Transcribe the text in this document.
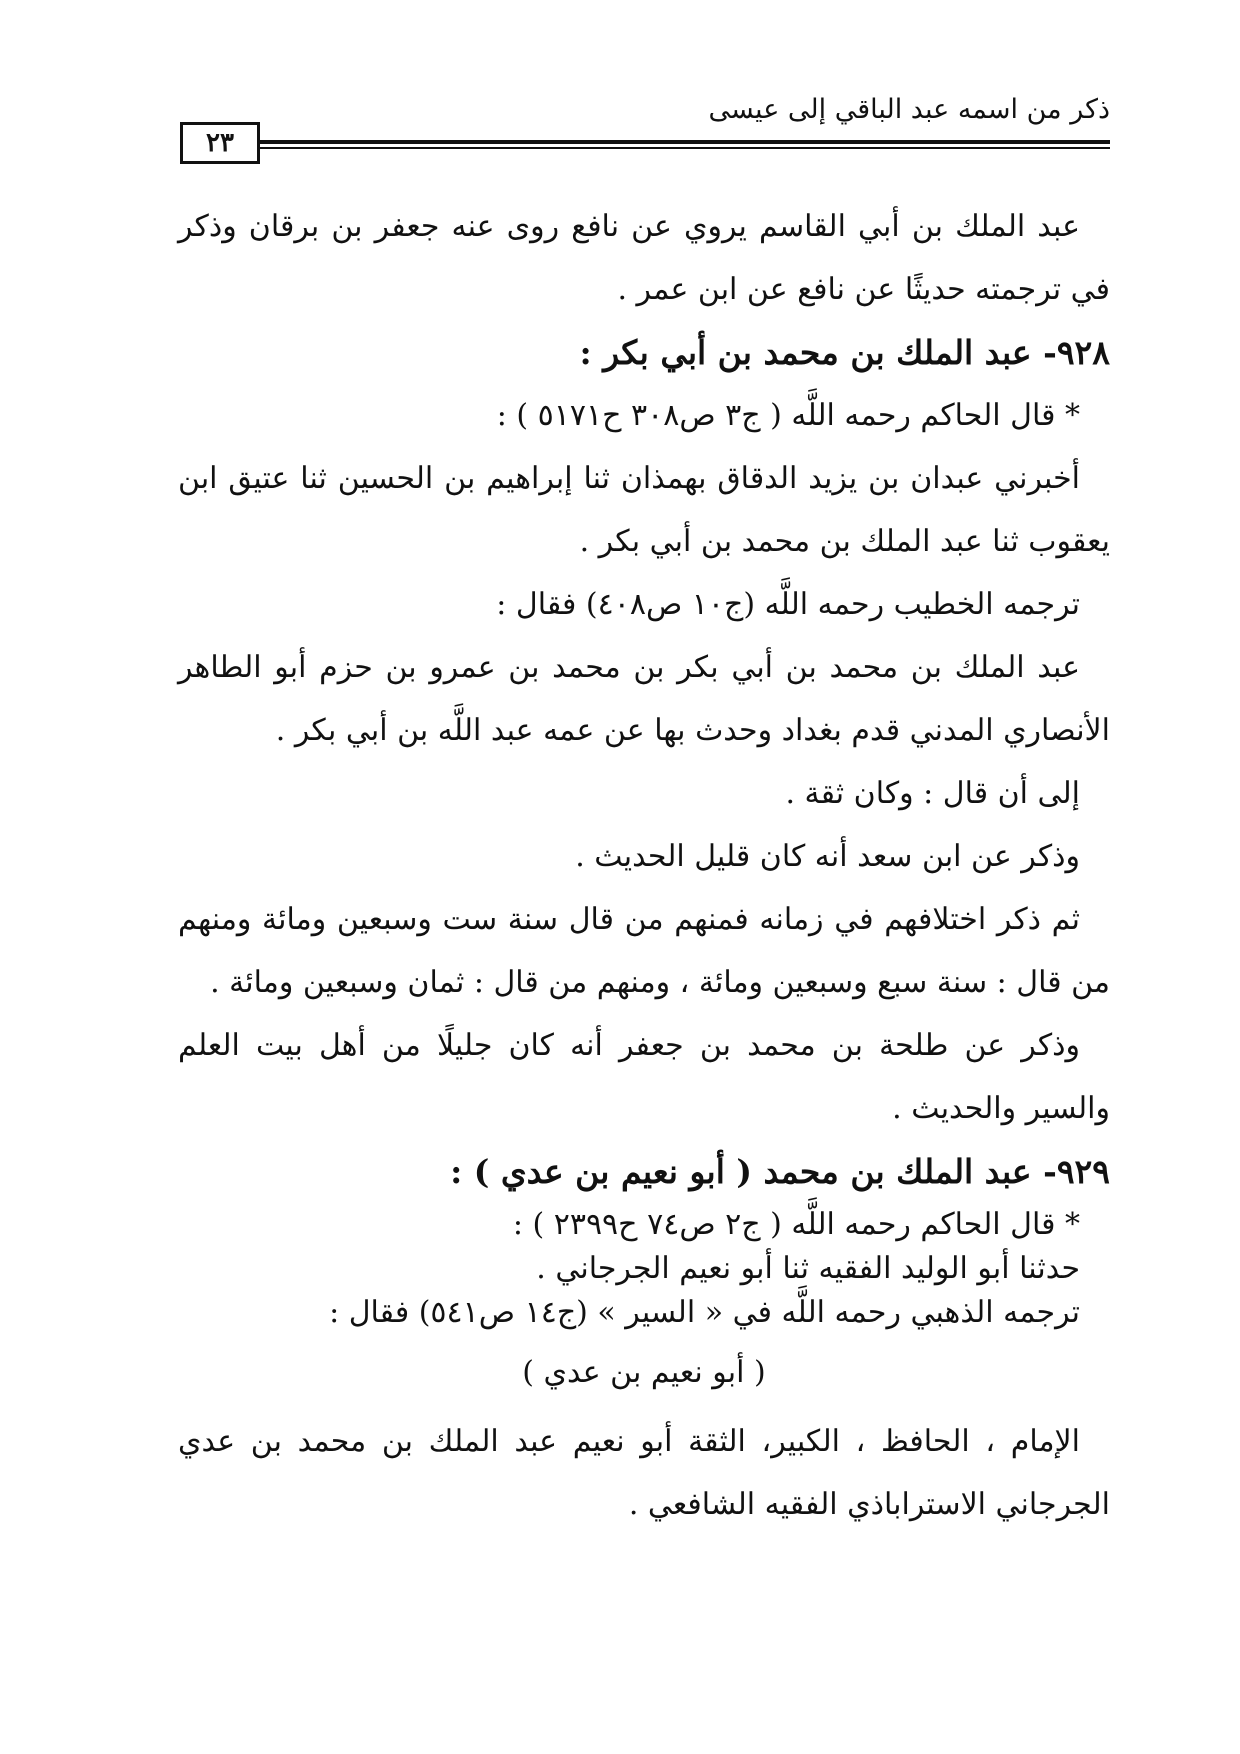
ذكر من اسمه عبد الباقي إلى عيسى
٢٣

عبد الملك بن أبي القاسم يروي عن نافع روى عنه جعفر بن برقان وذكر في ترجمته حديثًا عن نافع عن ابن عمر .

٩٢٨- عبد الملك بن محمد بن أبي بكر :

* قال الحاكم رحمه اللَّه ( ج٣ ص٣٠٨ ح٥١٧١ ) :

أخبرني عبدان بن يزيد الدقاق بهمذان ثنا إبراهيم بن الحسين ثنا عتيق ابن يعقوب ثنا عبد الملك بن محمد بن أبي بكر .

ترجمه الخطيب رحمه اللَّه (ج١٠ ص٤٠٨) فقال :

عبد الملك بن محمد بن أبي بكر بن محمد بن عمرو بن حزم أبو الطاهر الأنصاري المدني قدم بغداد وحدث بها عن عمه عبد اللَّه بن أبي بكر .

إلى أن قال : وكان ثقة .

وذكر عن ابن سعد أنه كان قليل الحديث .

ثم ذكر اختلافهم في زمانه فمنهم من قال سنة ست وسبعين ومائة ومنهم من قال : سنة سبع وسبعين ومائة ، ومنهم من قال : ثمان وسبعين ومائة .

وذكر عن طلحة بن محمد بن جعفر أنه كان جليلًا من أهل بيت العلم والسير والحديث .

٩٢٩- عبد الملك بن محمد ( أبو نعيم بن عدي ) :

* قال الحاكم رحمه اللَّه ( ج٢ ص٧٤ ح٢٣٩٩ ) :

حدثنا أبو الوليد الفقيه ثنا أبو نعيم الجرجاني .

ترجمه الذهبي رحمه اللَّه في « السير » (ج١٤ ص٥٤١) فقال :

( أبو نعيم بن عدي )

الإمام ، الحافظ ، الكبير، الثقة أبو نعيم عبد الملك بن محمد بن عدي الجرجاني الاستراباذي الفقيه الشافعي .
